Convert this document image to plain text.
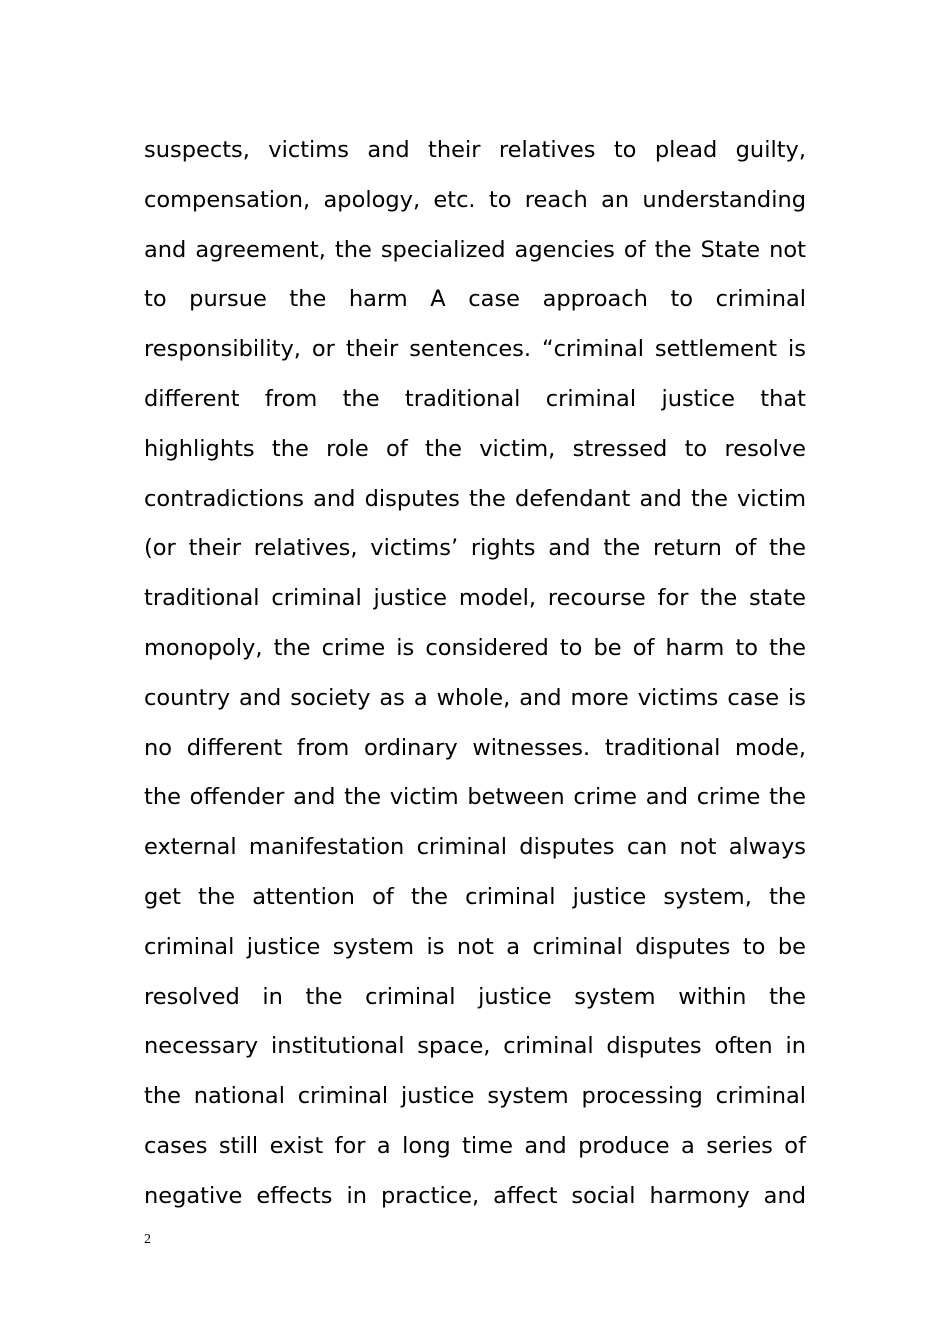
suspects, victims and their relatives to plead guilty,
compensation, apology, etc. to reach an understanding
and agreement, the specialized agencies of the State not
to pursue the harm A case approach to criminal
responsibility, or their sentences. “criminal settlement is
different from the traditional criminal justice that
highlights the role of the victim, stressed to resolve
contradictions and disputes the defendant and the victim
(or their relatives, victims’ rights and the return of the
traditional criminal justice model, recourse for the state
monopoly, the crime is considered to be of harm to the
country and society as a whole, and more victims case is
no different from ordinary witnesses. traditional mode,
the offender and the victim between crime and crime the
external manifestation criminal disputes can not always
get the attention of the criminal justice system, the
criminal justice system is not a criminal disputes to be
resolved in the criminal justice system within the
necessary institutional space, criminal disputes often in
the national criminal justice system processing criminal
cases still exist for a long time and produce a series of
negative effects in practice, affect social harmony and
2
